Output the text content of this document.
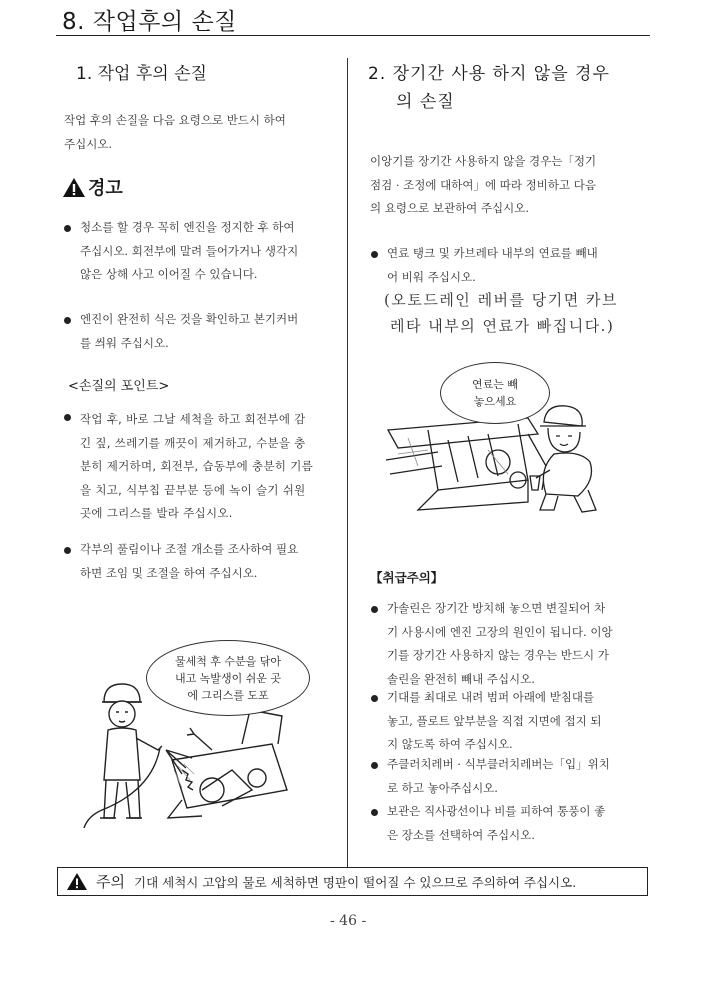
8. 작업후의 손질
1. 작업 후의 손질
작업 후의 손질을 다음 요령으로 반드시 하여
주십시오.
경고
청소를 할 경우 꼭히 엔진을 정지한 후 하여
주십시오. 회전부에 말려 들어가거나 생각지
않은 상해 사고 이어질 수 있습니다.
엔진이 완전히 식은 것을 확인하고 본기커버
를 씌워 주십시오.
<손질의 포인트>
작업 후, 바로 그날 세척을 하고 회전부에 감
긴 짚, 쓰레기를 깨끗이 제거하고, 수분을 충
분히 제거하며, 회전부, 습동부에 충분히 기름
을 치고, 식부칩 끝부분 등에 녹이 슬기 쉬원
곳에 그리스를 발라 주십시오.
각부의 풀림이나 조절 개소를 조사하여 필요
하면 조임 및 조절을 하여 주십시오.
물세척 후 수분을 닦아
내고 녹발생이 쉬운 곳
에 그리스를 도포
2. 장기간 사용 하지 않을 경우
의 손질
이앙기를 장기간 사용하지 않을 경우는「정기
점검 · 조정에 대하여」에 따라 정비하고 다음
의 요령으로 보관하여 주십시오.
연료 탱크 및 카브레타 내부의 연료를 빼내
어 비워 주십시오.
(오토드레인 레버를 당기면 카브
레타 내부의 연료가 빠집니다.)
연료는 빼
놓으세요
【취급주의】
가솔린은 장기간 방치해 놓으면 변질되어 차
기 사용시에 엔진 고장의 원인이 됩니다. 이앙
기를 장기간 사용하지 않는 경우는 반드시 가
솔린을 완전히 빼내 주십시오.
기대를 최대로 내려 범퍼 아래에 받침대를
놓고, 플로트 앞부분을 직접 지면에 접지 되
지 않도록 하여 주십시오.
주클러치레버 · 식부클러치레버는「입」위치
로 하고 놓아주십시오.
보관은 직사광선이나 비를 피하여 통풍이 좋
은 장소를 선택하여 주십시오.
주의 기대 세척시 고압의 물로 세척하면 명판이 떨어질 수 있으므로 주의하여 주십시오.
- 46 -
